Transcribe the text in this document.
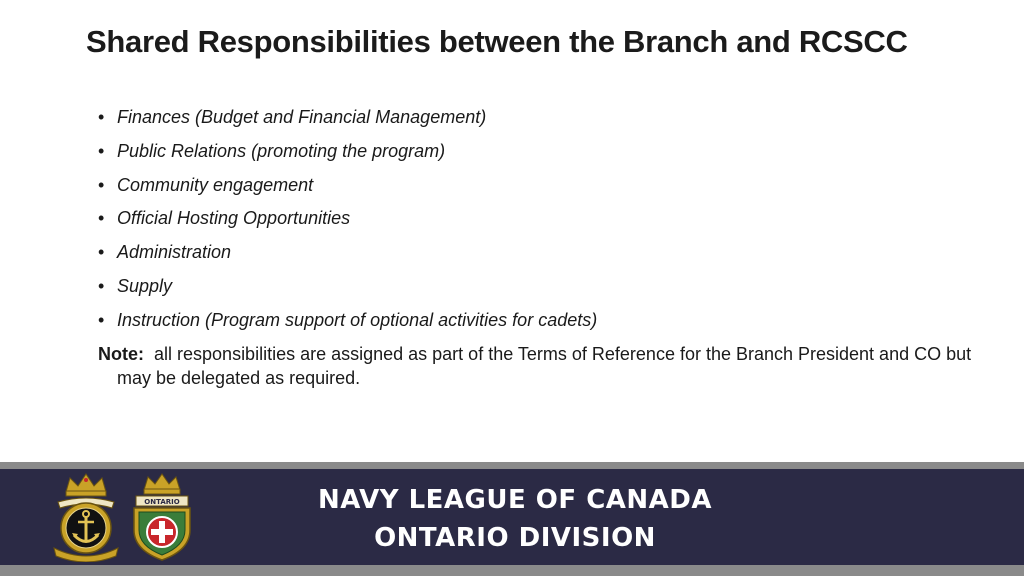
Shared Responsibilities between the Branch and RCSCC
• Finances (Budget and Financial Management)
• Public Relations (promoting the program)
• Community engagement
• Official Hosting Opportunities
• Administration
• Supply
• Instruction (Program support of optional activities for cadets)
Note: all responsibilities are assigned as part of the Terms of Reference for the Branch President and CO but may be delegated as required.
ONTARIO	NAVY LEAGUE OF CANADA
ONTARIO DIVISION
